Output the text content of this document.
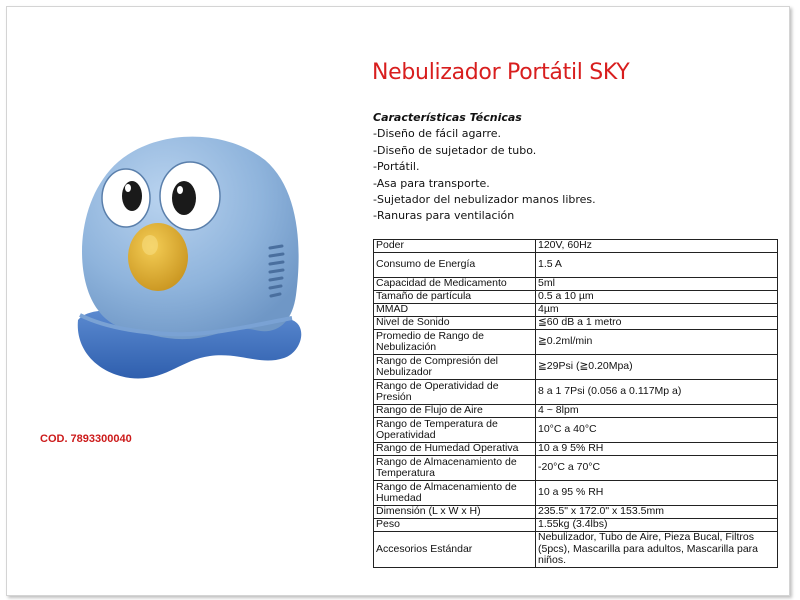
Nebulizador Portátil SKY
Características Técnicas
-Diseño de fácil agarre.
-Diseño de sujetador de tubo.
-Portátil.
-Asa para transporte.
-Sujetador del nebulizador manos libres.
-Ranuras para ventilación
COD. 7893300040
Poder	120V, 60Hz
Consumo de Energía	1.5 A
Capacidad de Medicamento	5ml
Tamaño de partícula	0.5 a 10 µm
MMAD	4µm
Nivel de Sonido	≦60 dB a 1 metro
Promedio de Rango de Nebulización	≧0.2ml/min
Rango de Compresión del Nebulizador	≧29Psi (≧0.20Mpa)
Rango de Operatividad de Presión	8 a 1 7Psi (0.056 a 0.117Mp a)
Rango de Flujo de Aire	4 ~ 8lpm
Rango de Temperatura de Operatividad	10°C a 40°C
Rango de Humedad Operativa	10 a 9 5% RH
Rango de Almacenamiento de Temperatura	-20°C a 70°C
Rango de Almacenamiento de Humedad	10 a 95 % RH
Dimensión (L x W x H)	235.5" x 172.0" x 153.5mm
Peso	1.55kg (3.4lbs)
Accesorios Estándar	Nebulizador, Tubo de Aire, Pieza Bucal, Filtros (5pcs), Mascarilla para adultos, Mascarilla para niños.
